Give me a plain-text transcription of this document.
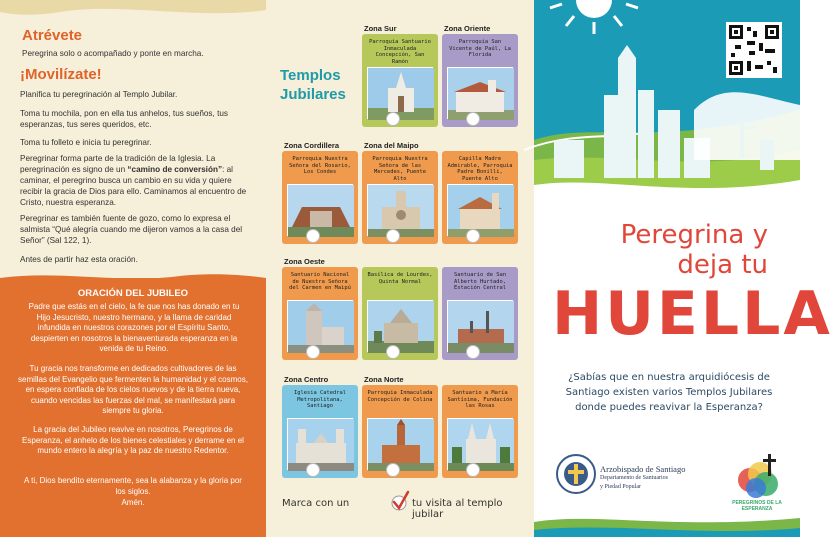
Atrévete
Peregrina solo o acompañado y ponte en marcha.
¡Movilízate!
Planifica tu peregrinación al Templo Jubilar.
Toma tu mochila, pon en ella tus anhelos, tus sueños, tus esperanzas, tus seres queridos, etc.
Toma tu folleto e inicia tu peregrinar.
Peregrinar forma parte de la tradición de la Iglesia. La peregrinación es signo de un “camino de conversión”: al caminar, el peregrino busca un cambio en su vida y quiere recibir la gracia de Dios para ello. Caminamos al encuentro de Cristo, nuestra esperanza.
Peregrinar es también fuente de gozo, como lo expresa el salmista “Qué alegría cuando me dijeron vamos a la casa del Señor” (Sal 122, 1).
Antes de partir haz esta oración.
ORACIÓN DEL JUBILEO
Padre que estás en el cielo, la fe que nos has donado en tu Hijo Jesucristo, nuestro hermano, y la llama de caridad infundida en nuestros corazones por el Espíritu Santo, despierten en nosotros la bienaventurada esperanza en la venida de tu Reino.
Tu gracia nos transforme en dedicados cultivadores de las semillas del Evangelio que fermenten la humanidad y el cosmos, en espera confiada de los cielos nuevos y de la tierra nueva, cuando vencidas las fuerzas del mal, se manifestará para siempre tu gloria.
La gracia del Jubileo reavive en nosotros, Peregrinos de Esperanza, el anhelo de los bienes celestiales y derrame en el mundo entero la alegría y la paz de nuestro Redentor.
A ti, Dios bendito eternamente, sea la alabanza y la gloria por los siglos.
Amén.
Templos
Jubilares
Zona Sur	Zona Oriente
Zona Cordillera	Zona del Maipo
Zona Oeste
Zona Centro	Zona Norte
Parroquia Santuario Inmaculada Concepción, San Ramón
Parroquia San Vicente de Paúl, La Florida
Parroquia Nuestra Señora del Rosario, Los Condes
Parroquia Nuestra Señora de las Mercedes, Puente Alto
Capilla Madre Admirable, Parroquia Padre Bonilli, Puente Alto
Santuario Nacional de Nuestra Señora del Carmen en Maipú
Basílica de Lourdes, Quinta Normal
Santuario de San Alberto Hurtado, Estación Central
Iglesia Catedral Metropolitana, Santiago
Parroquia Inmaculada Concepción de Colina
Santuario a María Santísima, Fundación las Rosas
Marca con un	tu visita al templo jubilar
Peregrina y
deja tu
HUELLA
¿Sabías que en nuestra arquidiócesis de Santiago existen varios Templos Jubilares donde puedes reavivar la Esperanza?
Arzobispado de Santiago
Departamento de Santuarios
y Piedad Popular
PEREGRINOS DE LA ESPERANZA
